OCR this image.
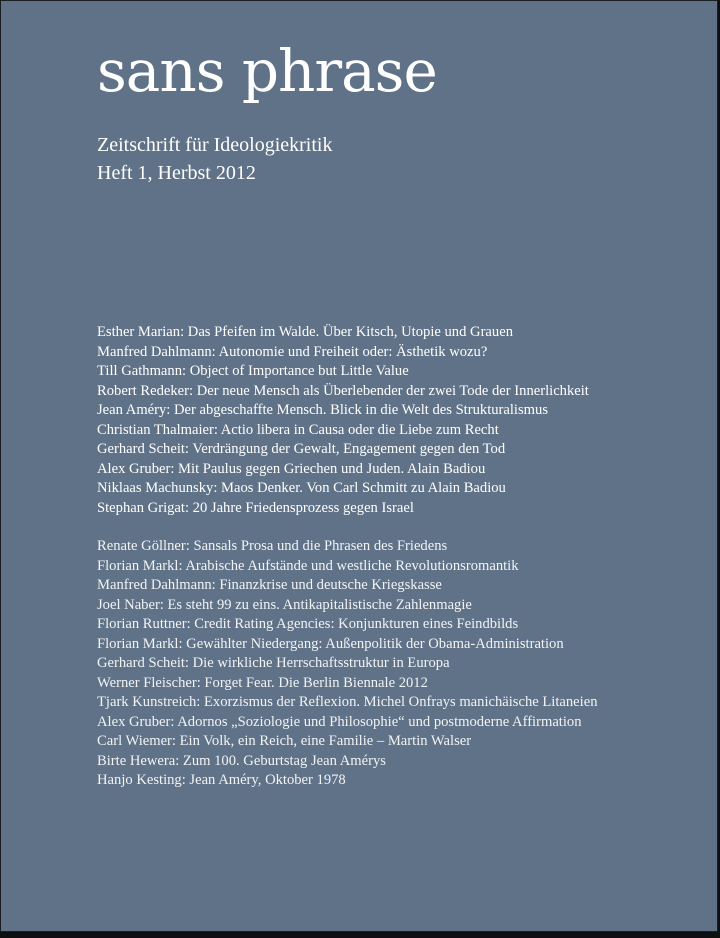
sans phrase
Zeitschrift für Ideologiekritik
Heft 1, Herbst 2012
Esther Marian: Das Pfeifen im Walde. Über Kitsch, Utopie und Grauen
Manfred Dahlmann: Autonomie und Freiheit oder: Ästhetik wozu?
Till Gathmann: Object of Importance but Little Value
Robert Redeker: Der neue Mensch als Überlebender der zwei Tode der Innerlichkeit
Jean Améry: Der abgeschaffte Mensch. Blick in die Welt des Strukturalismus
Christian Thalmaier: Actio libera in Causa oder die Liebe zum Recht
Gerhard Scheit: Verdrängung der Gewalt, Engagement gegen den Tod
Alex Gruber: Mit Paulus gegen Griechen und Juden. Alain Badiou
Niklaas Machunsky: Maos Denker. Von Carl Schmitt zu Alain Badiou
Stephan Grigat: 20 Jahre Friedensprozess gegen Israel
Renate Göllner: Sansals Prosa und die Phrasen des Friedens
Florian Markl: Arabische Aufstände und westliche Revolutionsromantik
Manfred Dahlmann: Finanzkrise und deutsche Kriegskasse
Joel Naber: Es steht 99 zu eins. Antikapitalistische Zahlenmagie
Florian Ruttner: Credit Rating Agencies: Konjunkturen eines Feindbilds
Florian Markl: Gewählter Niedergang: Außenpolitik der Obama-Administration
Gerhard Scheit: Die wirkliche Herrschaftsstruktur in Europa
Werner Fleischer: Forget Fear. Die Berlin Biennale 2012
Tjark Kunstreich: Exorzismus der Reflexion. Michel Onfrays manichäische Litaneien
Alex Gruber: Adornos „Soziologie und Philosophie“ und postmoderne Affirmation
Carl Wiemer: Ein Volk, ein Reich, eine Familie – Martin Walser
Birte Hewera: Zum 100. Geburtstag Jean Amérys
Hanjo Kesting: Jean Améry, Oktober 1978
